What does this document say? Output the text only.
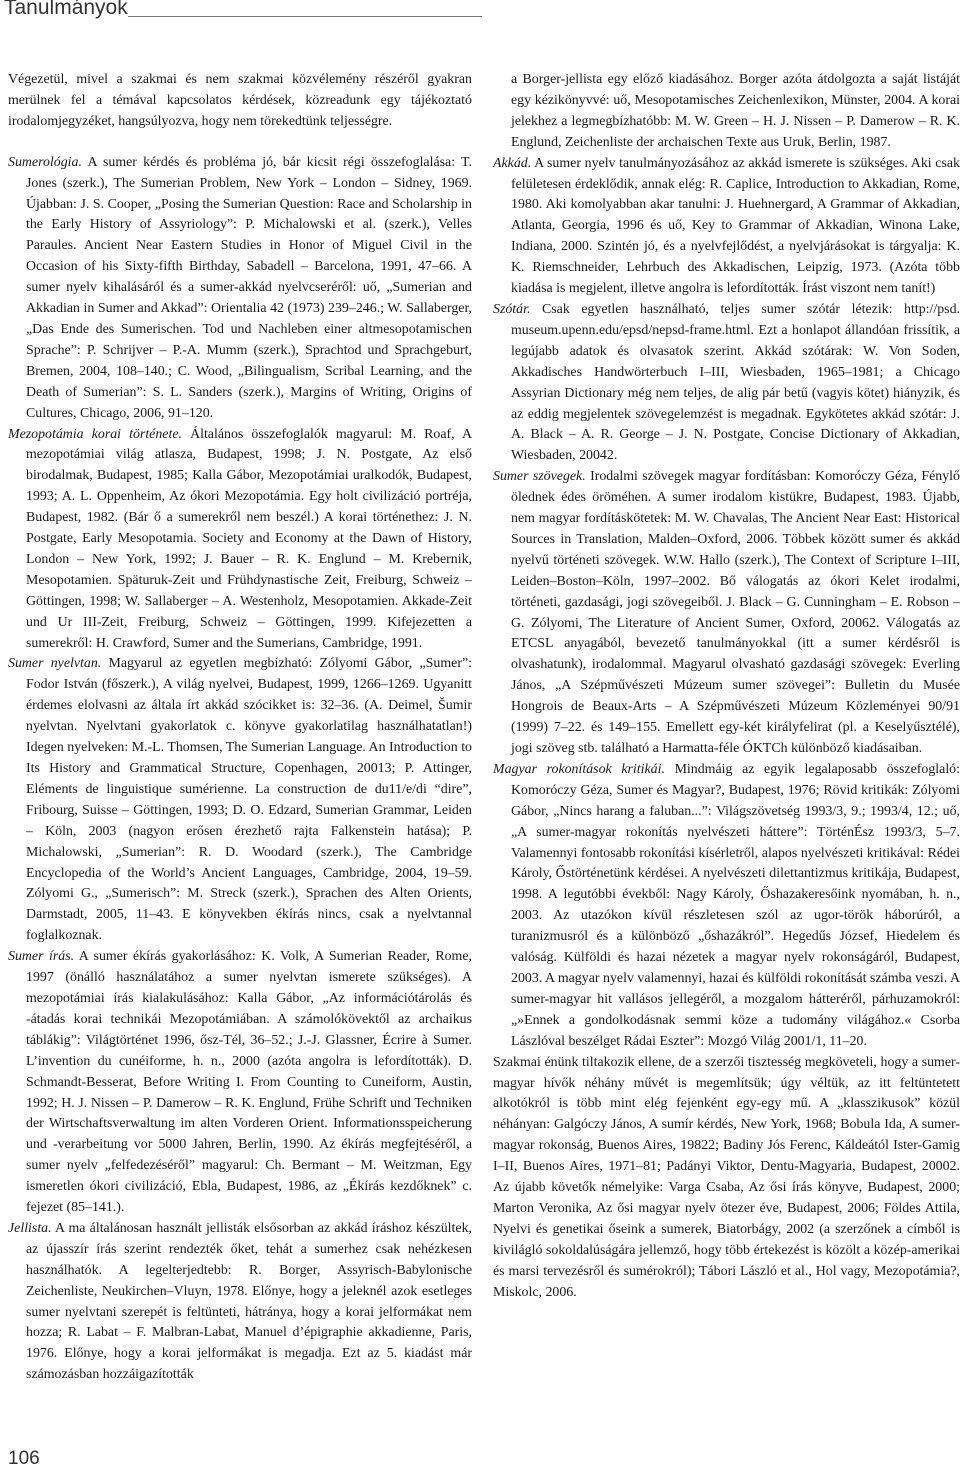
Tanulmányok

Végezetül, mivel a szakmai és nem szakmai közvélemény részéről gyakran merülnek fel a témával kapcsolatos kérdések, közreadunk egy tájékoztató irodalomjegyzéket, hangsúlyozva, hogy nem törekedtünk teljességre.

Sumerológia. A sumer kérdés és probléma jó, bár kicsit régi összefoglalása: T. Jones (szerk.), The Sumerian Problem, New York – London – Sidney, 1969. Újabban: J. S. Cooper, „Posing the Sumerian Question: Race and Scholarship in the Early History of Assyriology”: P. Michalowski et al. (szerk.), Velles Paraules. Ancient Near Eastern Studies in Honor of Miguel Civil in the Occasion of his Sixty-fifth Birthday, Sabadell – Barcelona, 1991, 47–66. A sumer nyelv kihalásáról és a sumer-akkád nyelvcseréről: uő, „Sumerian and Akkadian in Sumer and Akkad”: Orientalia 42 (1973) 239–246.; W. Sallaberger, „Das Ende des Sumerischen. Tod und Nachleben einer altmesopotamischen Sprache”: P. Schrijver – P.-A. Mumm (szerk.), Sprachtod und Sprachgeburt, Bremen, 2004, 108–140.; C. Wood, „Bilingualism, Scribal Learning, and the Death of Sumerian”: S. L. Sanders (szerk.), Margins of Writing, Origins of Cultures, Chicago, 2006, 91–120.

Mezopotámia korai története. Általános összefoglalók magyarul: M. Roaf, A mezopotámiai világ atlasza, Budapest, 1998; J. N. Postgate, Az első birodalmak, Budapest, 1985; Kalla Gábor, Mezopotámiai uralkodók, Budapest, 1993; A. L. Oppenheim, Az ókori Mezopotámia. Egy holt civilizáció portréja, Budapest, 1982. (Bár ő a sumerekről nem beszél.) A korai történethez: J. N. Postgate, Early Mesopotamia. Society and Economy at the Dawn of History, London – New York, 1992; J. Bauer – R. K. Englund – M. Krebernik, Mesopotamien. Späturuk-Zeit und Frühdynastische Zeit, Freiburg, Schweiz – Göttingen, 1998; W. Sallaberger – A. Westenholz, Mesopotamien. Akkade-Zeit und Ur III-Zeit, Freiburg, Schweiz – Göttingen, 1999. Kifejezetten a sumerekről: H. Crawford, Sumer and the Sumerians, Cambridge, 1991.

Sumer nyelvtan. Magyarul az egyetlen megbízható: Zólyomi Gábor, „Sumer”: Fodor István (főszerk.), A világ nyelvei, Budapest, 1999, 1266–1269. Ugyanitt érdemes elolvasni az általa írt akkád szócikket is: 32–36. (A. Deimel, Šumir nyelvtan. Nyelvtani gyakorlatok c. könyve gyakorlatilag használhatatlan!) Idegen nyelveken: M.-L. Thomsen, The Sumerian Language. An Introduction to Its History and Grammatical Structure, Copenhagen, 20013; P. Attinger, Eléments de linguistique sumérienne. La construction de du11/e/di “dire”, Fribourg, Suisse – Göttingen, 1993; D. O. Edzard, Sumerian Grammar, Leiden – Köln, 2003 (nagyon erősen érezhető rajta Falkenstein hatása); P. Michalowski, „Sumerian”: R. D. Woodard (szerk.), The Cambridge Encyclopedia of the World’s Ancient Languages, Cambridge, 2004, 19–59. Zólyomi G., „Sumerisch”: M. Streck (szerk.), Sprachen des Alten Orients, Darmstadt, 2005, 11–43. E könyvekben ékírás nincs, csak a nyelvtannal foglalkoznak.

Sumer írás. A sumer ékírás gyakorlásához: K. Volk, A Sumerian Reader, Rome, 1997 (önálló használatához a sumer nyelvtan ismerete szükséges). A mezopotámiai írás kialakulásához: Kalla Gábor, „Az információtárolás és -átadás korai technikái Mezopotámiában. A számolókövektől az archaikus táblákig”: Világtörténet 1996, ősz-Tél, 36–52.; J.-J. Glassner, Écrire à Sumer. L’invention du cunéiforme, h. n., 2000 (azóta angolra is lefordították). D. Schmandt-Besserat, Before Writing I. From Counting to Cuneiform, Austin, 1992; H. J. Nissen – P. Damerow – R. K. Englund, Frühe Schrift und Techniken der Wirtschaftsverwaltung im alten Vorderen Orient. Informationsspeicherung und -verarbeitung vor 5000 Jahren, Berlin, 1990. Az ékírás megfejtéséről, a sumer nyelv „felfedezéséről” magyarul: Ch. Bermant – M. Weitzman, Egy ismeretlen ókori civilizáció, Ebla, Budapest, 1986, az „Ékírás kezdőknek” c. fejezet (85–141.).

Jellista. A ma általánosan használt jellisták elsősorban az akkád íráshoz készültek, az újasszír írás szerint rendezték őket, tehát a sumerhez csak nehézkesen használhatók. A legelterjedtebb: R. Borger, Assyrisch-Babylonische Zeichenliste, Neukirchen–Vluyn, 1978. Előnye, hogy a jeleknél azok esetleges sumer nyelvtani szerepét is feltünteti, hátránya, hogy a korai jelformákat nem hozza; R. Labat – F. Malbran-Labat, Manuel d’épigraphie akkadienne, Paris, 1976. Előnye, hogy a korai jelformákat is megadja. Ezt az 5. kiadást már számozásban hozzáigazították

a Borger-jellista egy előző kiadásához. Borger azóta átdolgozta a saját listáját egy kézikönyvvé: uő, Mesopotamisches Zeichenlexikon, Münster, 2004. A korai jelekhez a legmegbízhatóbb: M. W. Green – H. J. Nissen – P. Damerow – R. K. Englund, Zeichenliste der archaischen Texte aus Uruk, Berlin, 1987.

Akkád. A sumer nyelv tanulmányozásához az akkád ismerete is szükséges. Aki csak felületesen érdeklődik, annak elég: R. Caplice, Introduction to Akkadian, Rome, 1980. Aki komolyabban akar tanulni: J. Huehnergard, A Grammar of Akkadian, Atlanta, Georgia, 1996 és uő, Key to Grammar of Akkadian, Winona Lake, Indiana, 2000. Szintén jó, és a nyelvfejlődést, a nyelvjárásokat is tárgyalja: K. K. Riemschneider, Lehrbuch des Akkadischen, Leipzig, 1973. (Azóta több kiadása is megjelent, illetve angolra is lefordították. Írást viszont nem tanít!)

Szótár. Csak egyetlen használható, teljes sumer szótár létezik: http://psd. museum.upenn.edu/epsd/nepsd-frame.html. Ezt a honlapot állandóan frissítik, a legújabb adatok és olvasatok szerint. Akkád szótárak: W. Von Soden, Akkadisches Handwörterbuch I–III, Wiesbaden, 1965–1981; a Chicago Assyrian Dictionary még nem teljes, de alig pár betű (vagyis kötet) hiányzik, és az eddig megjelentek szövegelemzést is megadnak. Egykötetes akkád szótár: J. A. Black – A. R. George – J. N. Postgate, Concise Dictionary of Akkadian, Wiesbaden, 20042.

Sumer szövegek. Irodalmi szövegek magyar fordításban: Komoróczy Géza, Fénylő ölednek édes öröméhen. A sumer irodalom kistükre, Budapest, 1983. Újabb, nem magyar fordításkötetek: M. W. Chavalas, The Ancient Near East: Historical Sources in Translation, Malden–Oxford, 2006. Többek között sumer és akkád nyelvű történeti szövegek. W.W. Hallo (szerk.), The Context of Scripture I–III, Leiden–Boston–Köln, 1997–2002. Bő válogatás az ókori Kelet irodalmi, történeti, gazdasági, jogi szövegeiből. J. Black – G. Cunningham – E. Robson – G. Zólyomi, The Literature of Ancient Sumer, Oxford, 20062. Válogatás az ETCSL anyagából, bevezető tanulmányokkal (itt a sumer kérdésről is olvashatunk), irodalommal. Magyarul olvasható gazdasági szövegek: Everling János, „A Szépművészeti Múzeum sumer szövegei”: Bulletin du Musée Hongrois de Beaux-Arts – A Szépművészeti Múzeum Közleményei 90/91 (1999) 7–22. és 149–155. Emellett egy-két királyfelirat (pl. a Keselyűsztélé), jogi szöveg stb. található a Harmatta-féle ÓKTCh különböző kiadásaiban.

Magyar rokonítások kritikái. Mindmáig az egyik legalaposabb összefoglaló: Komoróczy Géza, Sumer és Magyar?, Budapest, 1976; Rövid kritikák: Zólyomi Gábor, „Nincs harang a faluban...”: Világszövetség 1993/3, 9.; 1993/4, 12.; uő, „A sumer-magyar rokonítás nyelvészeti háttere”: TörténÉsz 1993/3, 5–7. Valamennyi fontosabb rokonítási kísérletről, alapos nyelvészeti kritikával: Rédei Károly, Őstörténetünk kérdései. A nyelvészeti dilettantizmus kritikája, Budapest, 1998. A legutóbbi évekből: Nagy Károly, Őshazakeresőink nyomában, h. n., 2003. Az utazókon kívül részletesen szól az ugor-török háborúról, a turanizmusról és a különböző „őshazákról”. Hegedűs József, Hiedelem és valóság. Külföldi és hazai nézetek a magyar nyelv rokonságáról, Budapest, 2003. A magyar nyelv valamennyi, hazai és külföldi rokonítását számba veszi. A sumer-magyar hit vallásos jellegéről, a mozgalom hátteréről, párhuzamokról: „»Ennek a gondolkodásnak semmi köze a tudomány világához.« Csorba Lászlóval beszélget Rádai Eszter”: Mozgó Világ 2001/1, 11–20.

Szakmai énünk tiltakozik ellene, de a szerzői tisztesség megköveteli, hogy a sumer-magyar hívők néhány művét is megemlítsük; úgy véltük, az itt feltüntetett alkotókról is több mint elég fejenként egy-egy mű. A „klasszikusok” közül néhányan: Galgóczy János, A sumír kérdés, New York, 1968; Bobula Ida, A sumer-magyar rokonság, Buenos Aires, 19822; Badiny Jós Ferenc, Káldeától Ister-Gamig I–II, Buenos Aires, 1971–81; Padányi Viktor, Dentu-Magyaria, Budapest, 20002. Az újabb követők némelyike: Varga Csaba, Az ősi írás könyve, Budapest, 2000; Marton Veronika, Az ősi magyar nyelv ötezer éve, Budapest, 2006; Földes Attila, Nyelvi és genetikai őseink a sumerek, Biatorbágy, 2002 (a szerzőnek a címből is kivilágló sokoldalúságára jellemző, hogy több értekezést is közölt a közép-amerikai és marsi tervezésről és sumérokról); Tábori László et al., Hol vagy, Mezopotámia?, Miskolc, 2006.

106
